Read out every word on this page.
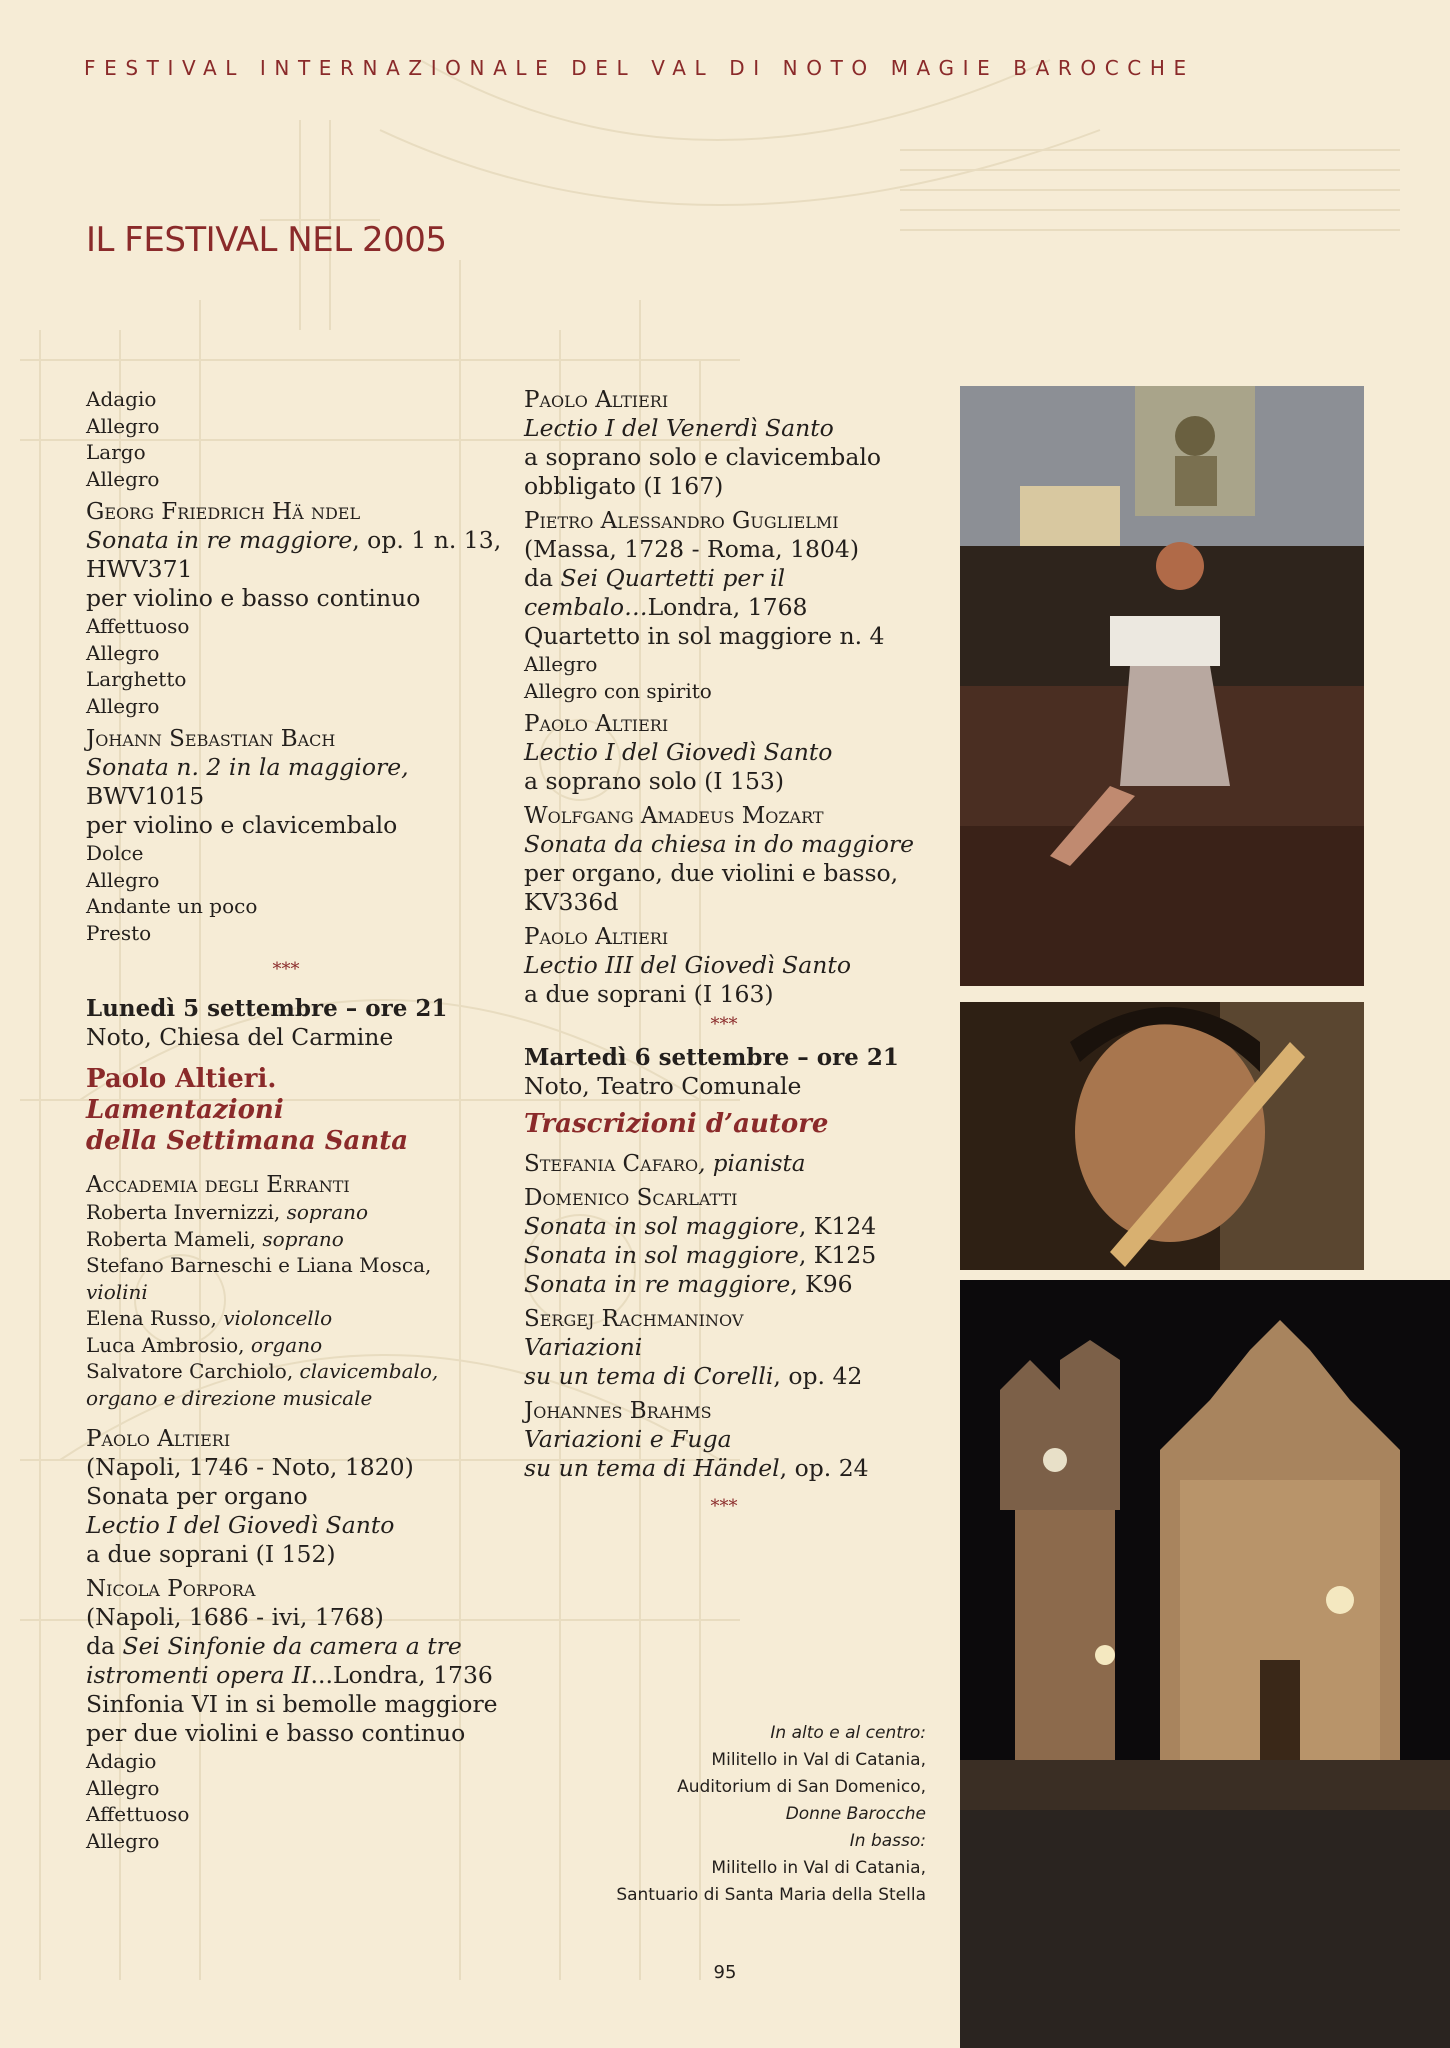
FESTIVAL INTERNAZIONALE DEL VAL DI NOTO MAGIE BAROCCHE
IL FESTIVAL NEL 2005
Adagio
Allegro
Largo
Allegro
Georg Friedrich Hä ndel
Sonata in re maggiore, op. 1 n. 13,
HWV371
per violino e basso continuo
Affettuoso
Allegro
Larghetto
Allegro
Johann Sebastian Bach
Sonata n. 2 in la maggiore,
BWV1015
per violino e clavicembalo
Dolce
Allegro
Andante un poco
Presto
***
Lunedì 5 settembre – ore 21
Noto, Chiesa del Carmine
Paolo Altieri.
Lamentazioni
della Settimana Santa
Accademia degli Erranti
Roberta Invernizzi, soprano
Roberta Mameli, soprano
Stefano Barneschi e Liana Mosca,
violini
Elena Russo, violoncello
Luca Ambrosio, organo
Salvatore Carchiolo, clavicembalo,
organo e direzione musicale
Paolo Altieri
(Napoli, 1746 - Noto, 1820)
Sonata per organo
Lectio I del Giovedì Santo
a due soprani (I 152)
Nicola Porpora
(Napoli, 1686 - ivi, 1768)
da Sei Sinfonie da camera a tre
istromenti opera II...Londra, 1736
Sinfonia VI in si bemolle maggiore
per due violini e basso continuo
Adagio
Allegro
Affettuoso
Allegro
Paolo Altieri
Lectio I del Venerdì Santo
a soprano solo e clavicembalo
obbligato (I 167)
Pietro Alessandro Guglielmi
(Massa, 1728 - Roma, 1804)
da Sei Quartetti per il
cembalo…Londra, 1768
Quartetto in sol maggiore n. 4
Allegro
Allegro con spirito
Paolo Altieri
Lectio I del Giovedì Santo
a soprano solo (I 153)
Wolfgang Amadeus Mozart
Sonata da chiesa in do maggiore
per organo, due violini e basso,
KV336d
Paolo Altieri
Lectio III del Giovedì Santo
a due soprani (I 163)
***
Martedì 6 settembre – ore 21
Noto, Teatro Comunale
Trascrizioni d’autore
Stefania Cafaro, pianista
Domenico Scarlatti
Sonata in sol maggiore, K124
Sonata in sol maggiore, K125
Sonata in re maggiore, K96
Sergej Rachmaninov
Variazioni
su un tema di Corelli, op. 42
Johannes Brahms
Variazioni e Fuga
su un tema di Händel, op. 24
***
In alto e al centro:
Militello in Val di Catania,
Auditorium di San Domenico,
Donne Barocche
In basso:
Militello in Val di Catania,
Santuario di Santa Maria della Stella
95
